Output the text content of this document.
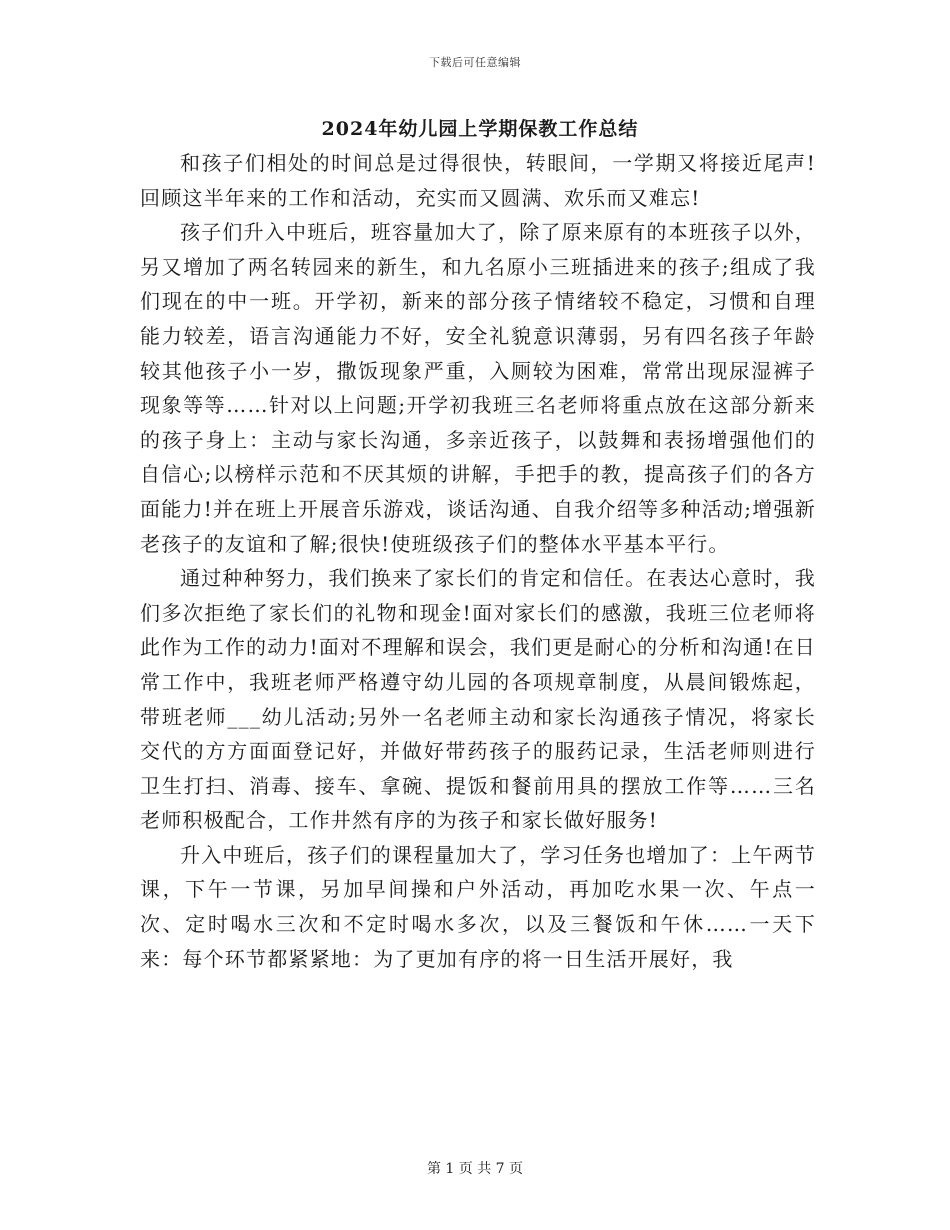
下载后可任意编辑
2024年幼儿园上学期保教工作总结

和孩子们相处的时间总是过得很快，转眼间，一学期又将接近尾声!回顾这半年来的工作和活动，充实而又圆满、欢乐而又难忘!

孩子们升入中班后，班容量加大了，除了原来原有的本班孩子以外，另又增加了两名转园来的新生，和九名原小三班插进来的孩子;组成了我们现在的中一班。开学初，新来的部分孩子情绪较不稳定，习惯和自理能力较差，语言沟通能力不好，安全礼貌意识薄弱，另有四名孩子年龄较其他孩子小一岁，撒饭现象严重，入厕较为困难，常常出现尿湿裤子现象等等……针对以上问题;开学初我班三名老师将重点放在这部分新来的孩子身上：主动与家长沟通，多亲近孩子，以鼓舞和表扬增强他们的自信心;以榜样示范和不厌其烦的讲解，手把手的教，提高孩子们的各方面能力!并在班上开展音乐游戏，谈话沟通、自我介绍等多种活动;增强新老孩子的友谊和了解;很快!使班级孩子们的整体水平基本平行。

通过种种努力，我们换来了家长们的肯定和信任。在表达心意时，我们多次拒绝了家长们的礼物和现金!面对家长们的感激，我班三位老师将此作为工作的动力!面对不理解和误会，我们更是耐心的分析和沟通!在日常工作中，我班老师严格遵守幼儿园的各项规章制度，从晨间锻炼起，带班老师___幼儿活动;另外一名老师主动和家长沟通孩子情况，将家长交代的方方面面登记好，并做好带药孩子的服药记录，生活老师则进行卫生打扫、消毒、接车、拿碗、提饭和餐前用具的摆放工作等……三名老师积极配合，工作井然有序的为孩子和家长做好服务!

升入中班后，孩子们的课程量加大了，学习任务也增加了：上午两节课，下午一节课，另加早间操和户外活动，再加吃水果一次、午点一次、定时喝水三次和不定时喝水多次，以及三餐饭和午休……一天下来：每个环节都紧紧地：为了更加有序的将一日生活开展好，我

第 1 页 共 7 页
